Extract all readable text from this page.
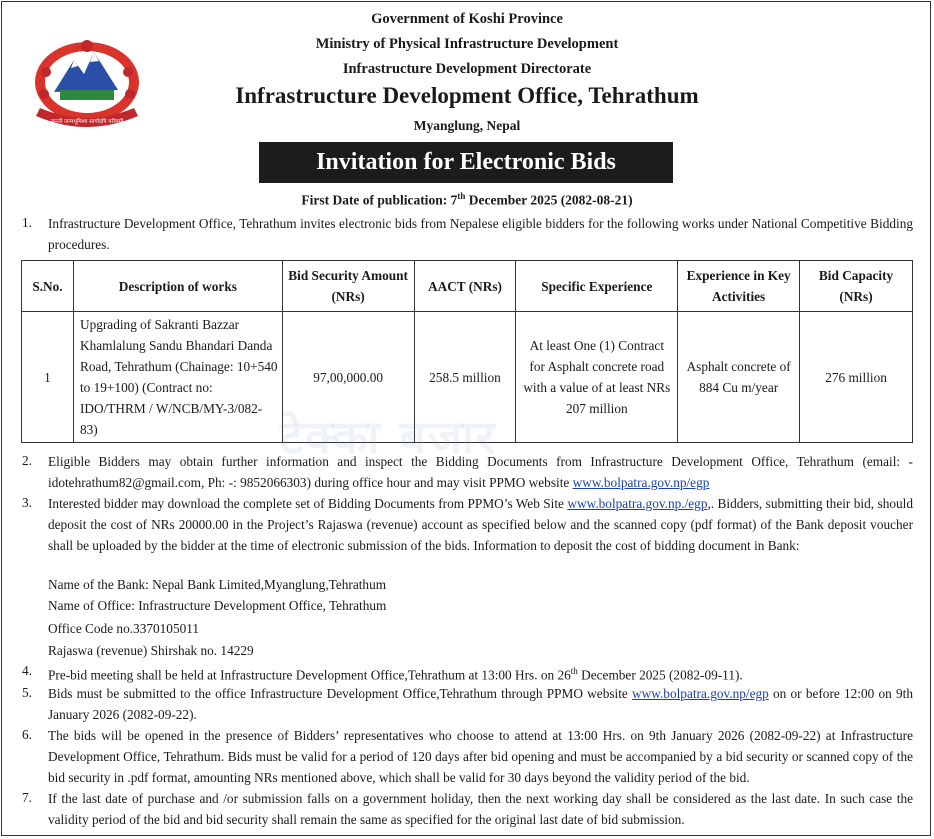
जननी जन्मभूमिश्च स्वर्गादपि गरीयसी
Government of Koshi Province
Ministry of Physical Infrastructure Development
Infrastructure Development Directorate
Infrastructure Development Office, Tehrathum
Myanglung, Nepal
Invitation for Electronic Bids
First Date of publication: 7th December 2025 (2082-08-21)
1. Infrastructure Development Office, Tehrathum invites electronic bids from Nepalese eligible bidders for the following works under National Competitive Bidding procedures.
S.No.	Description of works	Bid Security Amount (NRs)	AACT (NRs)	Specific Experience	Experience in Key Activities	Bid Capacity (NRs)
1	Upgrading of Sakranti Bazzar Khamlalung Sandu Bhandari Danda Road, Tehrathum (Chainage: 10+540 to 19+100) (Contract no: IDO/THRM / W/NCB/MY-3/082-83)	97,00,000.00	258.5 million	At least One (1) Contract for Asphalt concrete road with a value of at least NRs 207 million	Asphalt concrete of 884 Cu m/year	276 million
टेक्का बजार
2. Eligible Bidders may obtain further information and inspect the Bidding Documents from Infrastructure Development Office, Tehrathum (email: - idotehrathum82@gmail.com, Ph: -: 9852066303) during office hour and may visit PPMO website www.bolpatra.gov.np/egp
3. Interested bidder may download the complete set of Bidding Documents from PPMO’s Web Site www.bolpatra.gov.np./egp,. Bidders, submitting their bid, should deposit the cost of NRs 20000.00 in the Project’s Rajaswa (revenue) account as specified below and the scanned copy (pdf format) of the Bank deposit voucher shall be uploaded by the bidder at the time of electronic submission of the bids. Information to deposit the cost of bidding document in Bank:
Name of the Bank: Nepal Bank Limited,Myanglung,Tehrathum
Name of Office: Infrastructure Development Office, Tehrathum
Office Code no.3370105011
Rajaswa (revenue) Shirshak no. 14229
4. Pre-bid meeting shall be held at Infrastructure Development Office,Tehrathum at 13:00 Hrs. on 26th December 2025 (2082-09-11).
5. Bids must be submitted to the office Infrastructure Development Office,Tehrathum through PPMO website www.bolpatra.gov.np/egp on or before 12:00 on 9th January 2026 (2082-09-22).
6. The bids will be opened in the presence of Bidders’ representatives who choose to attend at 13:00 Hrs. on 9th January 2026 (2082-09-22) at Infrastructure Development Office, Tehrathum. Bids must be valid for a period of 120 days after bid opening and must be accompanied by a bid security or scanned copy of the bid security in .pdf format, amounting NRs mentioned above, which shall be valid for 30 days beyond the validity period of the bid.
7. If the last date of purchase and /or submission falls on a government holiday, then the next working day shall be considered as the last date. In such case the validity period of the bid and bid security shall remain the same as specified for the original last date of bid submission.
